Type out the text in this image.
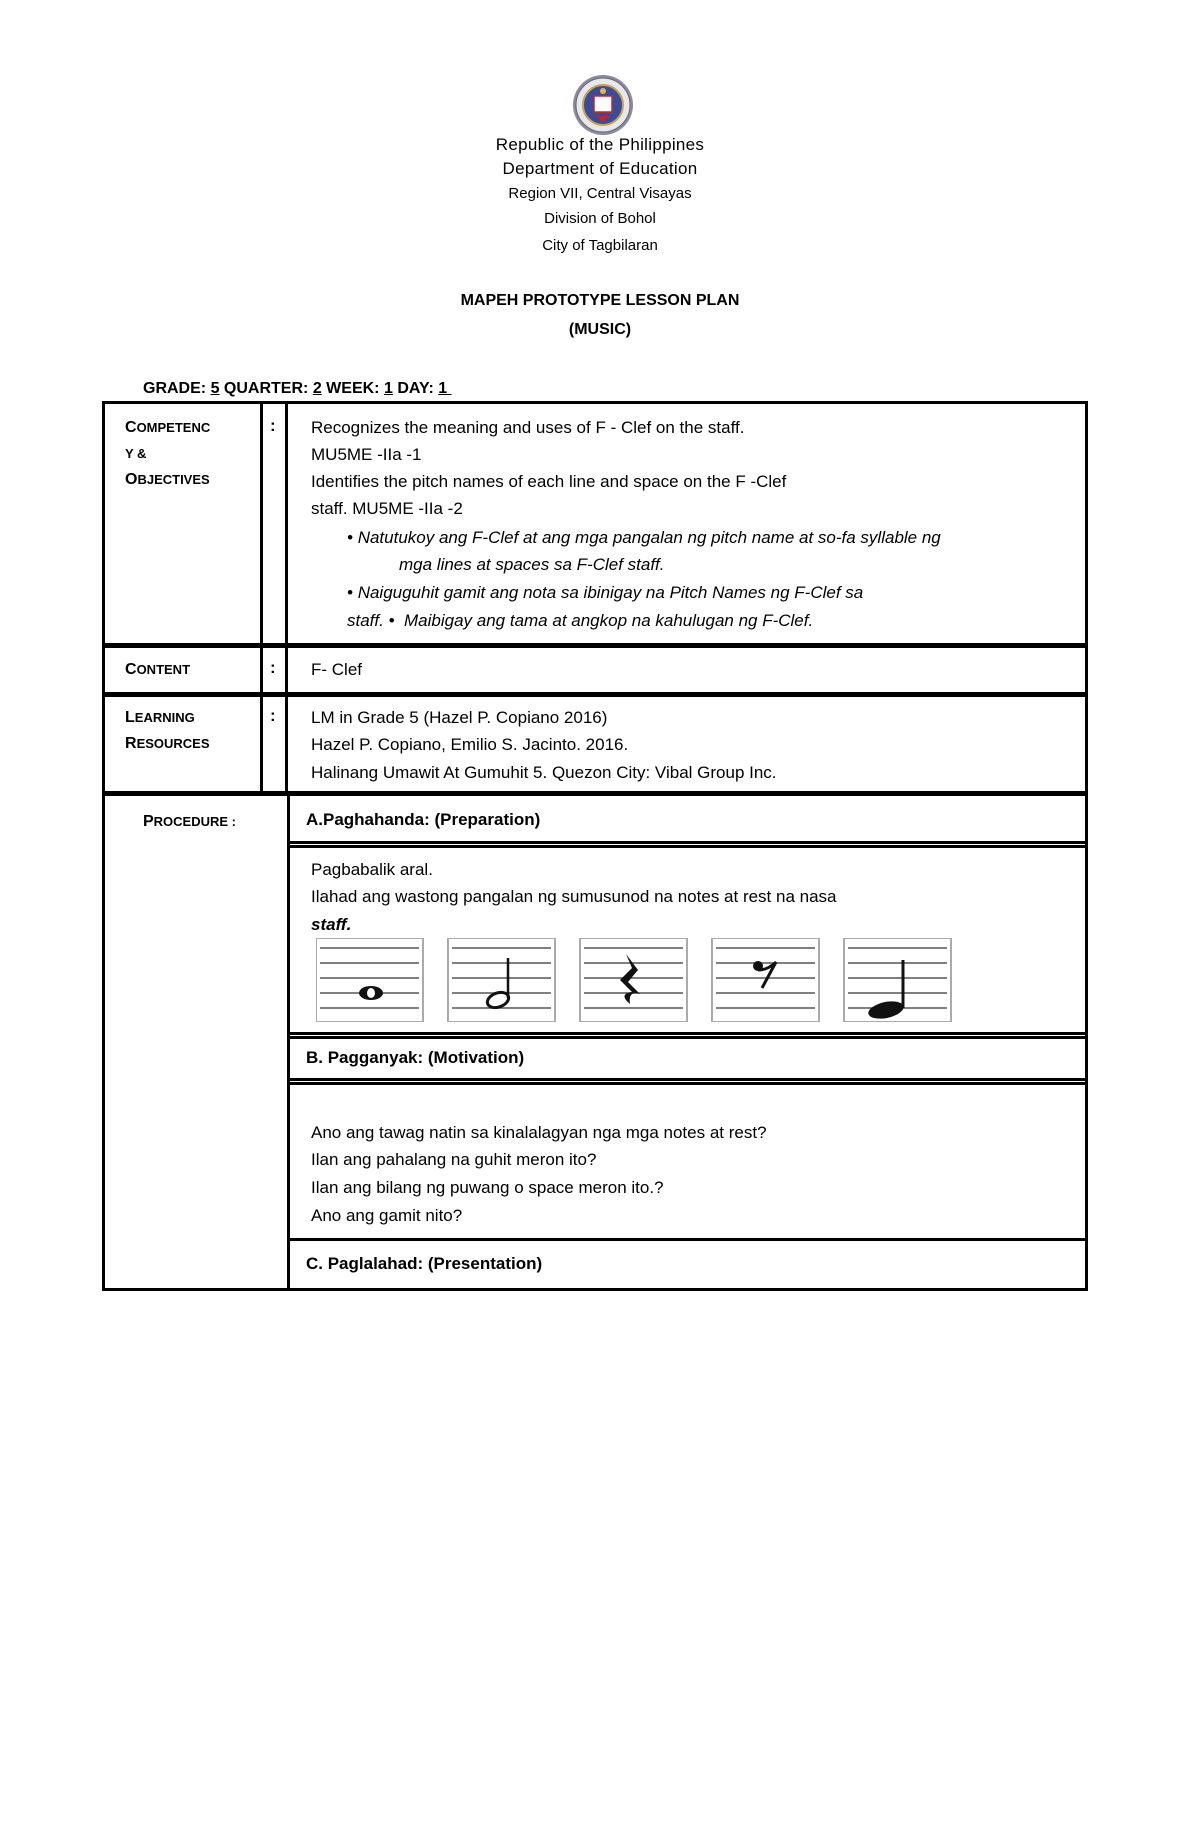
Republic of the Philippines
Department of Education
Region VII, Central Visayas
Division of Bohol
City of Tagbilaran
MAPEH PROTOTYPE LESSON PLAN
(MUSIC)
GRADE: 5 QUARTER: 2 WEEK: 1 DAY: 1
COMPETENC
Y &
OBJECTIVES
: Recognizes the meaning and uses of F - Clef on the staff.
MU5ME -IIa -1
Identifies the pitch names of each line and space on the F -Clef
staff. MU5ME -IIa -2
• Natutukoy ang F-Clef at ang mga pangalan ng pitch name at so-fa syllable ng
mga lines at spaces sa F-Clef staff.
• Naiguguhit gamit ang nota sa ibinigay na Pitch Names ng F-Clef sa
staff. • Maibigay ang tama at angkop na kahulugan ng F-Clef.
CONTENT	: F- Clef
LEARNING
RESOURCES
: LM in Grade 5 (Hazel P. Copiano 2016)
Hazel P. Copiano, Emilio S. Jacinto. 2016.
Halinang Umawit At Gumuhit 5. Quezon City: Vibal Group Inc.
PROCEDURE :	A.Paghahanda: (Preparation)
Pagbabalik aral.
Ilahad ang wastong pangalan ng sumusunod na notes at rest na nasa
staff.
B. Pagganyak: (Motivation)
Ano ang tawag natin sa kinalalagyan nga mga notes at rest?
Ilan ang pahalang na guhit meron ito?
Ilan ang bilang ng puwang o space meron ito.?
Ano ang gamit nito?
C. Paglalahad: (Presentation)
